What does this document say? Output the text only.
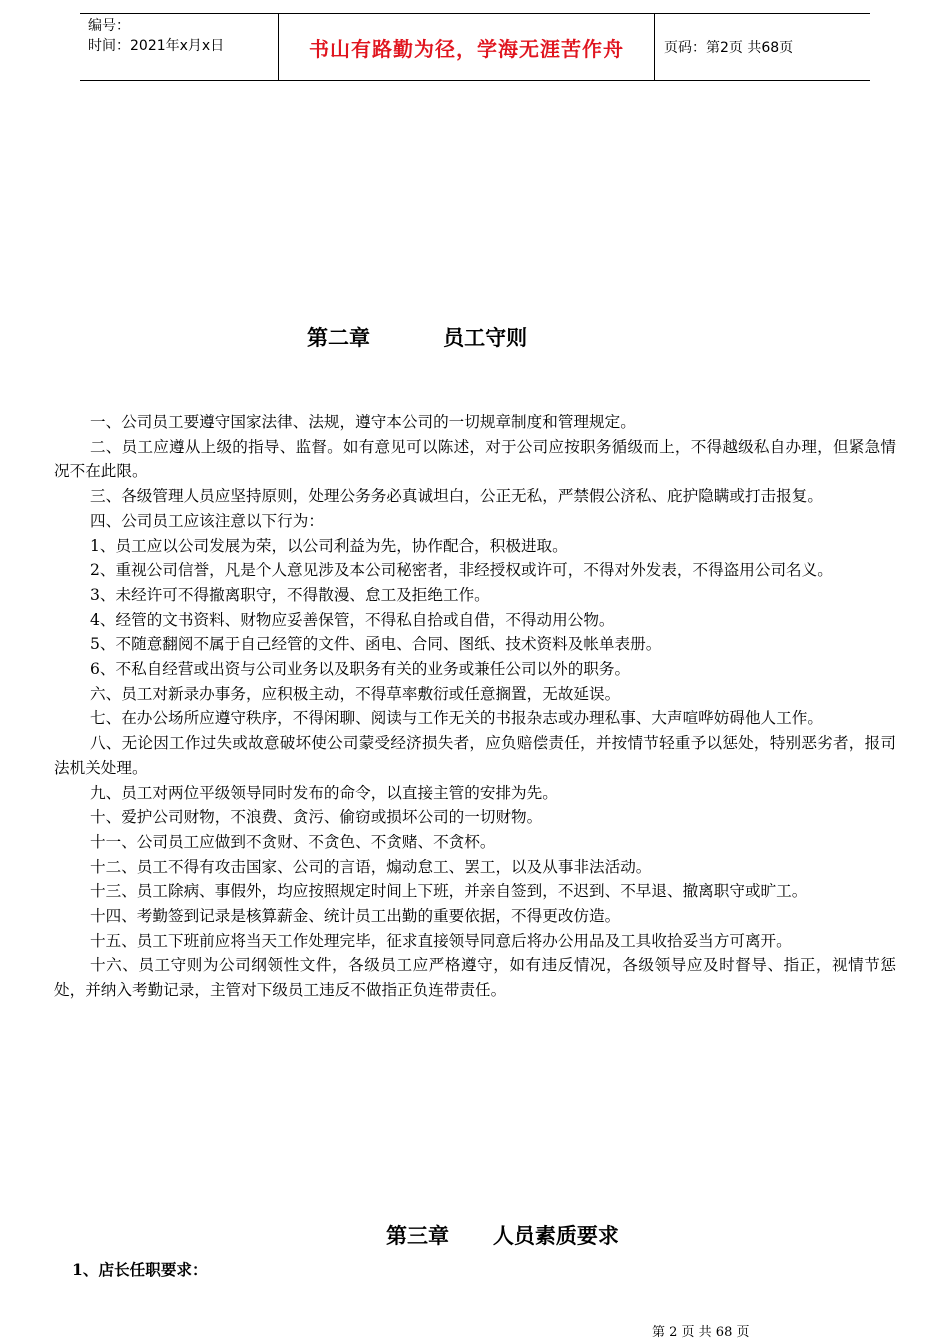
编号：
时间：2021年x月x日	书山有路勤为径，学海无涯苦作舟	页码：第2页 共68页
第二章          员工守则

一、公司员工要遵守国家法律、法规，遵守本公司的一切规章制度和管理规定。

二、员工应遵从上级的指导、监督。如有意见可以陈述，对于公司应按职务循级而上，不得越级私自办理，但紧急情况不在此限。

三、各级管理人员应坚持原则，处理公务务必真诚坦白，公正无私，严禁假公济私、庇护隐瞒或打击报复。

四、公司员工应该注意以下行为：

1、员工应以公司发展为荣，以公司利益为先，协作配合，积极进取。

2、重视公司信誉，凡是个人意见涉及本公司秘密者，非经授权或许可，不得对外发表，不得盗用公司名义。

3、未经许可不得撤离职守，不得散漫、怠工及拒绝工作。

4、经管的文书资料、财物应妥善保管，不得私自拾或自借，不得动用公物。

5、不随意翻阅不属于自己经管的文件、函电、合同、图纸、技术资料及帐单表册。

6、不私自经营或出资与公司业务以及职务有关的业务或兼任公司以外的职务。

六、员工对新录办事务，应积极主动，不得草率敷衍或任意搁置，无故延误。

七、在办公场所应遵守秩序，不得闲聊、阅读与工作无关的书报杂志或办理私事、大声喧哗妨碍他人工作。

八、无论因工作过失或故意破坏使公司蒙受经济损失者，应负赔偿责任，并按情节轻重予以惩处，特别恶劣者，报司法机关处理。

九、员工对两位平级领导同时发布的命令，以直接主管的安排为先。

十、爱护公司财物，不浪费、贪污、偷窃或损坏公司的一切财物。

十一、公司员工应做到不贪财、不贪色、不贪赌、不贪杯。

十二、员工不得有攻击国家、公司的言语，煽动怠工、罢工，以及从事非法活动。

十三、员工除病、事假外，均应按照规定时间上下班，并亲自签到，不迟到、不早退、撤离职守或旷工。

十四、考勤签到记录是核算薪金、统计员工出勤的重要依据，不得更改仿造。

十五、员工下班前应将当天工作处理完毕，征求直接领导同意后将办公用品及工具收拾妥当方可离开。

十六、员工守则为公司纲领性文件，各级员工应严格遵守，如有违反情况，各级领导应及时督导、指正，视情节惩处，并纳入考勤记录，主管对下级员工违反不做指正负连带责任。

第三章      人员素质要求
1、店长任职要求：
第 2 页 共 68 页
